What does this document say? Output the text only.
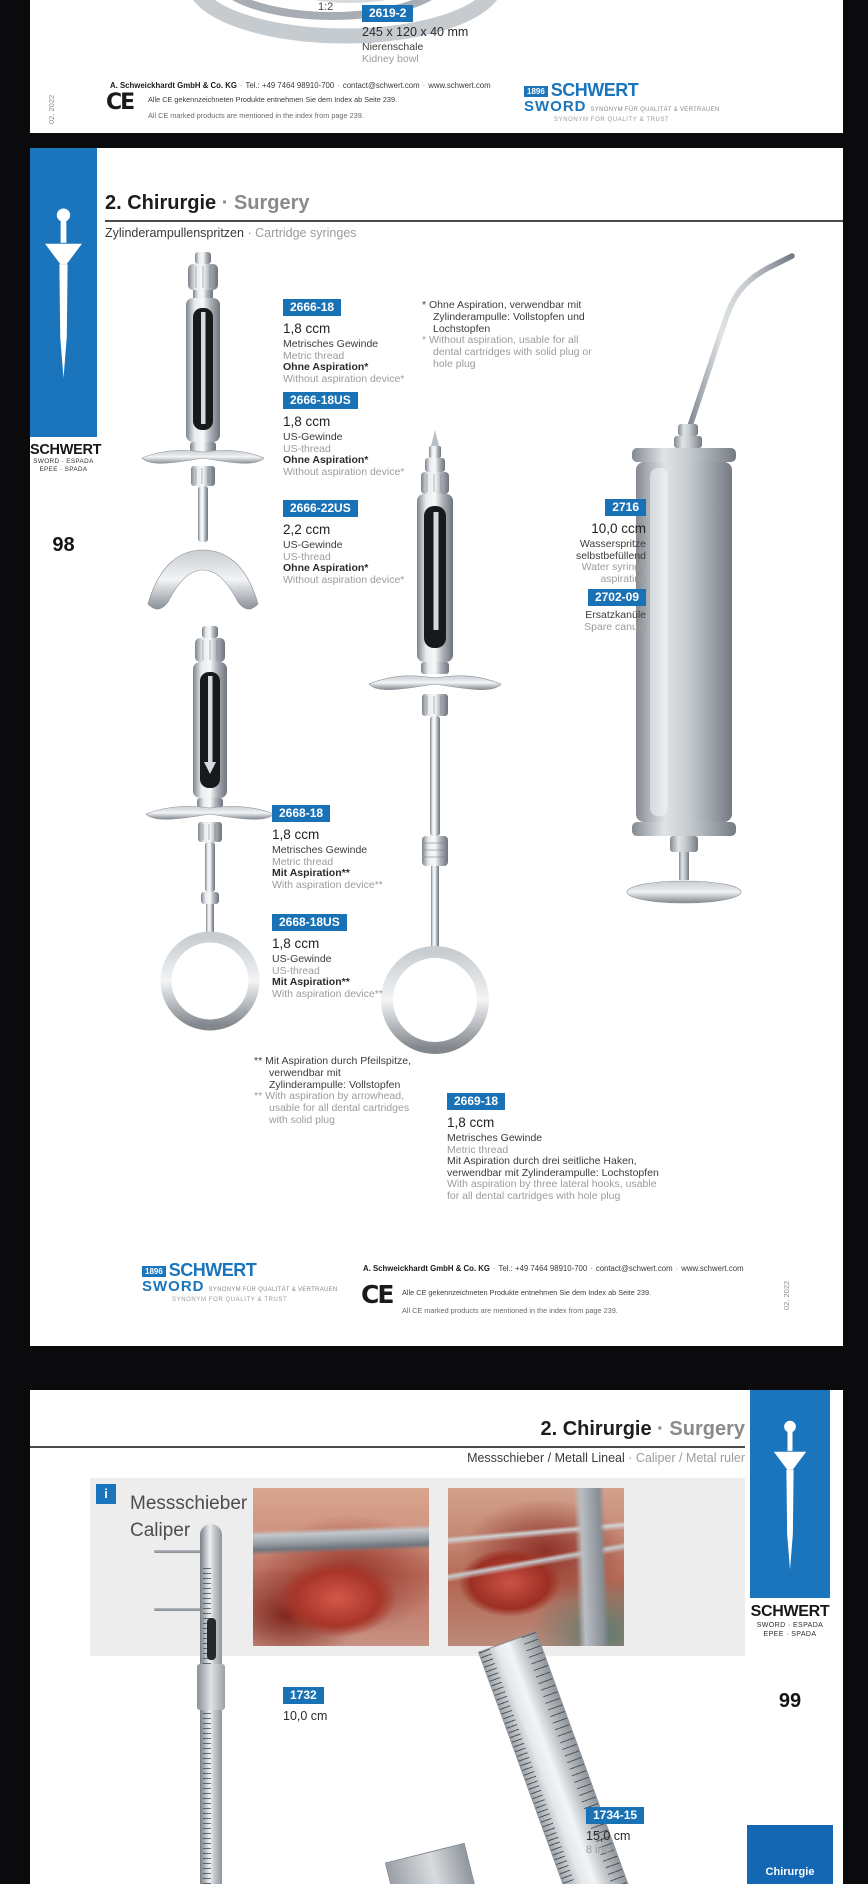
1:2	2619-2
245 x 120 x 40 mm
Nierenschale
Kidney bowl
02. 2022
A. Schweickhardt GmbH & Co. KG · Tel.: +49 7464 98910-700 · contact@schwert.com · www.schwert.com
CE Alle CE gekennzeichneten Produkte entnehmen Sie dem Index ab Seite 239.
All CE marked products are mentioned in the index from page 239.
1896 SCHWERT
SWORD SYNONYM FÜR QUALITÄT & VERTRAUEN
SYNONYM FOR QUALITY & TRUST
SCHWERT
SWORD · ESPADA
EPEE · SPADA
98
2. Chirurgie · Surgery
Zylinderampullenspritzen · Cartridge syringes
2666-18
1,8 ccm
Metrisches Gewinde
Metric thread
Ohne Aspiration*
Without aspiration device*
* Ohne Aspiration, verwendbar mit Zylinderampulle: Vollstopfen und Lochstopfen
* Without aspiration, usable for all dental cartridges with solid plug or hole plug
2666-18US
1,8 ccm
US-Gewinde
US-thread
Ohne Aspiration*
Without aspiration device*
2666-22US
2,2 ccm
US-Gewinde
US-thread
Ohne Aspiration*
Without aspiration device*
2716
10,0 ccm
Wasserspritze
selbstbefüllend
Water syringe
aspirating
2702-09
Ersatzkanüle
Spare canula
2668-18
1,8 ccm
Metrisches Gewinde
Metric thread
Mit Aspiration**
With aspiration device**
2668-18US
1,8 ccm
US-Gewinde
US-thread
Mit Aspiration**
With aspiration device**
** Mit Aspiration durch Pfeilspitze, verwendbar mit Zylinderampulle: Vollstopfen
** With aspiration by arrowhead, usable for all dental cartridges with solid plug
2669-18
1,8 ccm
Metrisches Gewinde
Metric thread
Mit Aspiration durch drei seitliche Haken, verwendbar mit Zylinderampulle: Lochstopfen
With aspiration by three lateral hooks, usable for all dental cartridges with hole plug
1896 SCHWERT
SWORD SYNONYM FÜR QUALITÄT & VERTRAUEN
SYNONYM FOR QUALITY & TRUST
A. Schweickhardt GmbH & Co. KG · Tel.: +49 7464 98910-700 · contact@schwert.com · www.schwert.com
CE Alle CE gekennzeichneten Produkte entnehmen Sie dem Index ab Seite 239.
All CE marked products are mentioned in the index from page 239.
02. 2022
2. Chirurgie · Surgery
Messschieber / Metall Lineal · Caliper / Metal ruler
SCHWERT
SWORD · ESPADA
EPEE · SPADA
99
i	Messschieber
Caliper
1732
10,0 cm
1734-15
15,0 cm
8 inch
Chirurgie
